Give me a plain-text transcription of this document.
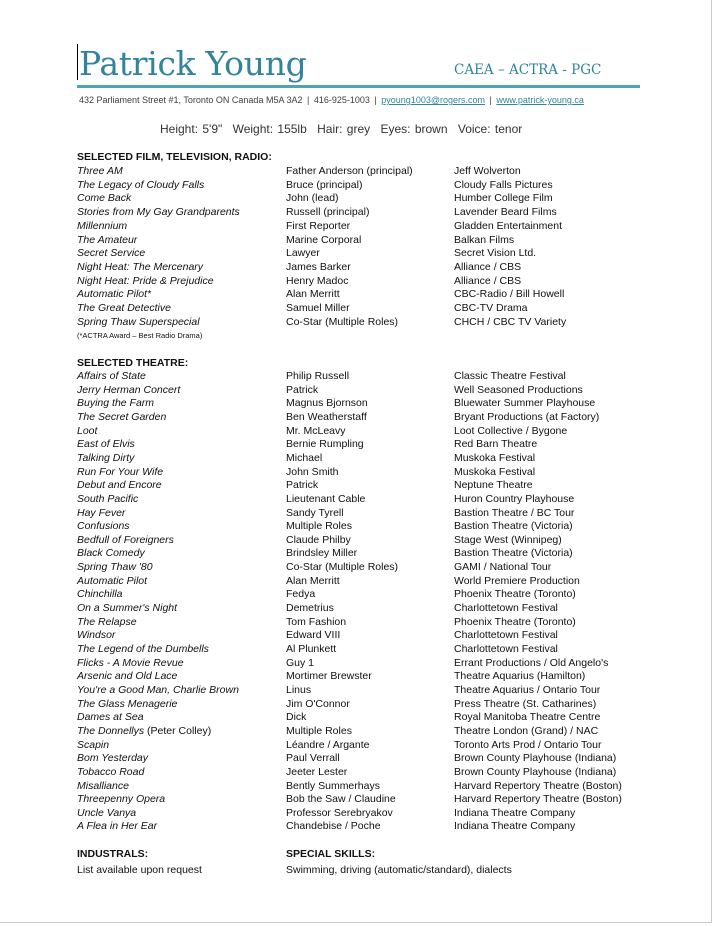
Patrick Young	CAEA – ACTRA - PGC
432 Parliament Street #1, Toronto ON Canada M5A 3A2 | 416-925-1003 | pyoung1003@rogers.com | www.patrick-young.ca
Height: 5'9" Weight: 155lb Hair: grey Eyes: brown Voice: tenor
SELECTED FILM, TELEVISION, RADIO:
Three AM	Father Anderson (principal)	Jeff Wolverton
The Legacy of Cloudy Falls	Bruce (principal)	Cloudy Falls Pictures
Come Back	John (lead)	Humber College Film
Stories from My Gay Grandparents	Russell (principal)	Lavender Beard Films
Millennium	First Reporter	Gladden Entertainment
The Amateur	Marine Corporal	Balkan Films
Secret Service	Lawyer	Secret Vision Ltd.
Night Heat: The Mercenary	James Barker	Alliance / CBS
Night Heat: Pride & Prejudice	Henry Madoc	Alliance / CBS
Automatic Pilot*	Alan Merritt	CBC-Radio / Bill Howell
The Great Detective	Samuel Miller	CBC-TV Drama
Spring Thaw Superspecial	Co-Star (Multiple Roles)	CHCH / CBC TV Variety
(*ACTRA Award – Best Radio Drama)
SELECTED THEATRE:
Affairs of State	Philip Russell	Classic Theatre Festival
Jerry Herman Concert	Patrick	Well Seasoned Productions
Buying the Farm	Magnus Bjornson	Bluewater Summer Playhouse
The Secret Garden	Ben Weatherstaff	Bryant Productions (at Factory)
Loot	Mr. McLeavy	Loot Collective / Bygone
East of Elvis	Bernie Rumpling	Red Barn Theatre
Talking Dirty	Michael	Muskoka Festival
Run For Your Wife	John Smith	Muskoka Festival
Debut and Encore	Patrick	Neptune Theatre
South Pacific	Lieutenant Cable	Huron Country Playhouse
Hay Fever	Sandy Tyrell	Bastion Theatre / BC Tour
Confusions	Multiple Roles	Bastion Theatre (Victoria)
Bedfull of Foreigners	Claude Philby	Stage West (Winnipeg)
Black Comedy	Brindsley Miller	Bastion Theatre (Victoria)
Spring Thaw '80	Co-Star (Multiple Roles)	GAMI / National Tour
Automatic Pilot	Alan Merritt	World Premiere Production
Chinchilla	Fedya	Phoenix Theatre (Toronto)
On a Summer's Night	Demetrius	Charlottetown Festival
The Relapse	Tom Fashion	Phoenix Theatre (Toronto)
Windsor	Edward VIII	Charlottetown Festival
The Legend of the Dumbells	Al Plunkett	Charlottetown Festival
Flicks - A Movie Revue	Guy 1	Errant Productions / Old Angelo's
Arsenic and Old Lace	Mortimer Brewster	Theatre Aquarius (Hamilton)
You're a Good Man, Charlie Brown	Linus	Theatre Aquarius / Ontario Tour
The Glass Menagerie	Jim O'Connor	Press Theatre (St. Catharines)
Dames at Sea	Dick	Royal Manitoba Theatre Centre
The Donnellys (Peter Colley)	Multiple Roles	Theatre London (Grand) / NAC
Scapin	Léandre / Argante	Toronto Arts Prod / Ontario Tour
Bom Yesterday	Paul Verrall	Brown County Playhouse (Indiana)
Tobacco Road	Jeeter Lester	Brown County Playhouse (Indiana)
Misalliance	Bently Summerhays	Harvard Repertory Theatre (Boston)
Threepenny Opera	Bob the Saw / Claudine	Harvard Repertory Theatre (Boston)
Uncle Vanya	Professor Serebryakov	Indiana Theatre Company
A Flea in Her Ear	Chandebise / Poche	Indiana Theatre Company
INDUSTRALS:
List available upon request
SPECIAL SKILLS:
Swimming, driving (automatic/standard), dialects
